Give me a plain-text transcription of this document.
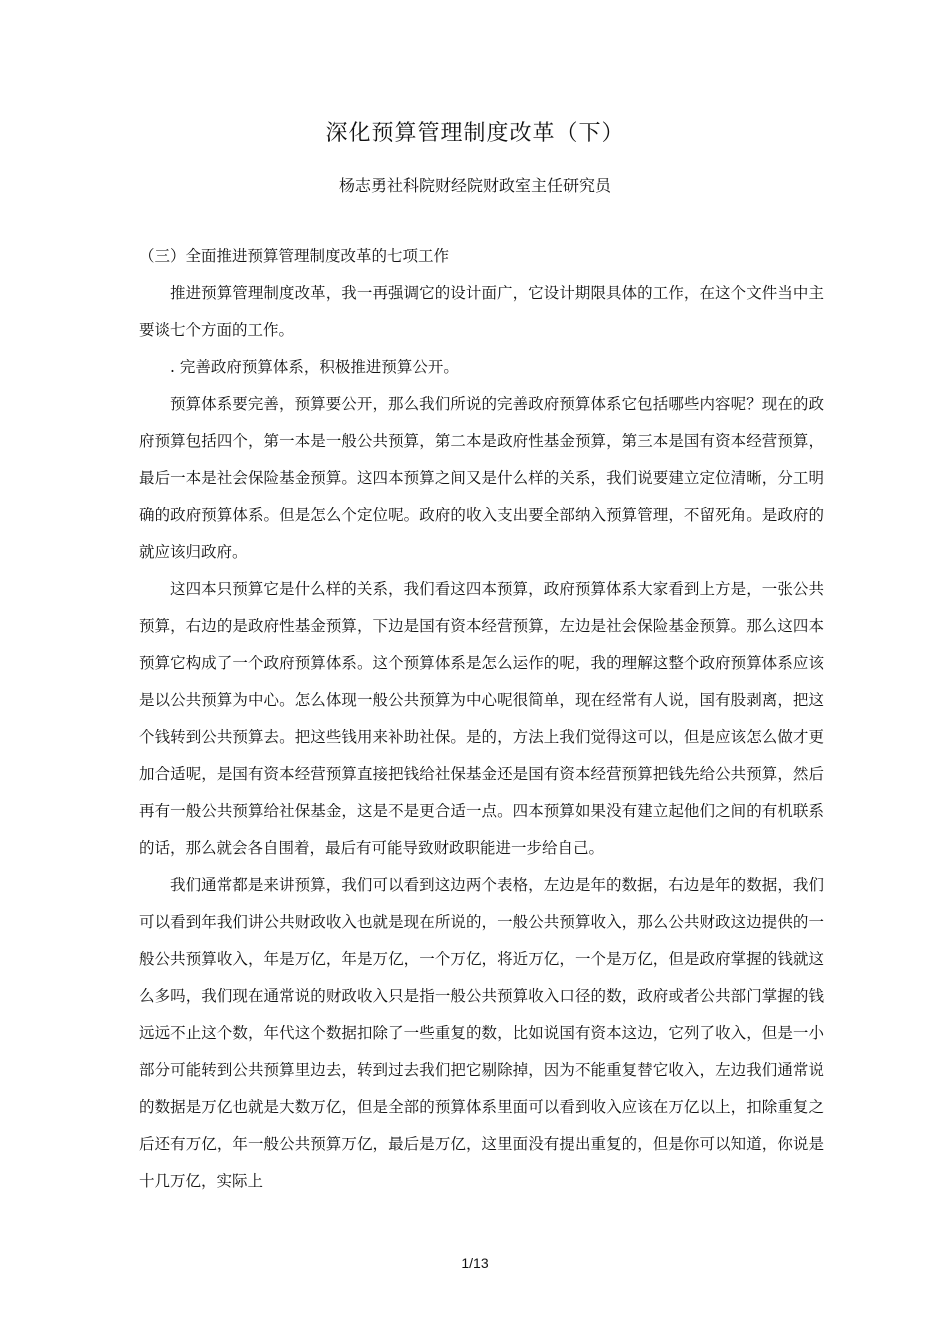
深化预算管理制度改革（下）
杨志勇社科院财经院财政室主任研究员

（三）全面推进预算管理制度改革的七项工作

推进预算管理制度改革，我一再强调它的设计面广，它设计期限具体的工作，在这个文件当中主要谈七个方面的工作。

. 完善政府预算体系，积极推进预算公开。

预算体系要完善，预算要公开，那么我们所说的完善政府预算体系它包括哪些内容呢？现在的政府预算包括四个，第一本是一般公共预算，第二本是政府性基金预算，第三本是国有资本经营预算，最后一本是社会保险基金预算。这四本预算之间又是什么样的关系，我们说要建立定位清晰，分工明确的政府预算体系。但是怎么个定位呢。政府的收入支出要全部纳入预算管理，不留死角。是政府的就应该归政府。

这四本只预算它是什么样的关系，我们看这四本预算，政府预算体系大家看到上方是，一张公共预算，右边的是政府性基金预算，下边是国有资本经营预算，左边是社会保险基金预算。那么这四本预算它构成了一个政府预算体系。这个预算体系是怎么运作的呢，我的理解这整个政府预算体系应该是以公共预算为中心。怎么体现一般公共预算为中心呢很简单，现在经常有人说，国有股剥离，把这个钱转到公共预算去。把这些钱用来补助社保。是的，方法上我们觉得这可以，但是应该怎么做才更加合适呢，是国有资本经营预算直接把钱给社保基金还是国有资本经营预算把钱先给公共预算，然后再有一般公共预算给社保基金，这是不是更合适一点。四本预算如果没有建立起他们之间的有机联系的话，那么就会各自围着，最后有可能导致财政职能进一步给自己。

我们通常都是来讲预算，我们可以看到这边两个表格，左边是年的数据，右边是年的数据，我们可以看到年我们讲公共财政收入也就是现在所说的，一般公共预算收入，那么公共财政这边提供的一般公共预算收入，年是万亿，年是万亿，一个万亿，将近万亿，一个是万亿，但是政府掌握的钱就这么多吗，我们现在通常说的财政收入只是指一般公共预算收入口径的数，政府或者公共部门掌握的钱远远不止这个数，年代这个数据扣除了一些重复的数，比如说国有资本这边，它列了收入，但是一小部分可能转到公共预算里边去，转到过去我们把它剔除掉，因为不能重复替它收入，左边我们通常说的数据是万亿也就是大数万亿，但是全部的预算体系里面可以看到收入应该在万亿以上，扣除重复之后还有万亿，年一般公共预算万亿，最后是万亿，这里面没有提出重复的，但是你可以知道，你说是十几万亿，实际上

1/13
